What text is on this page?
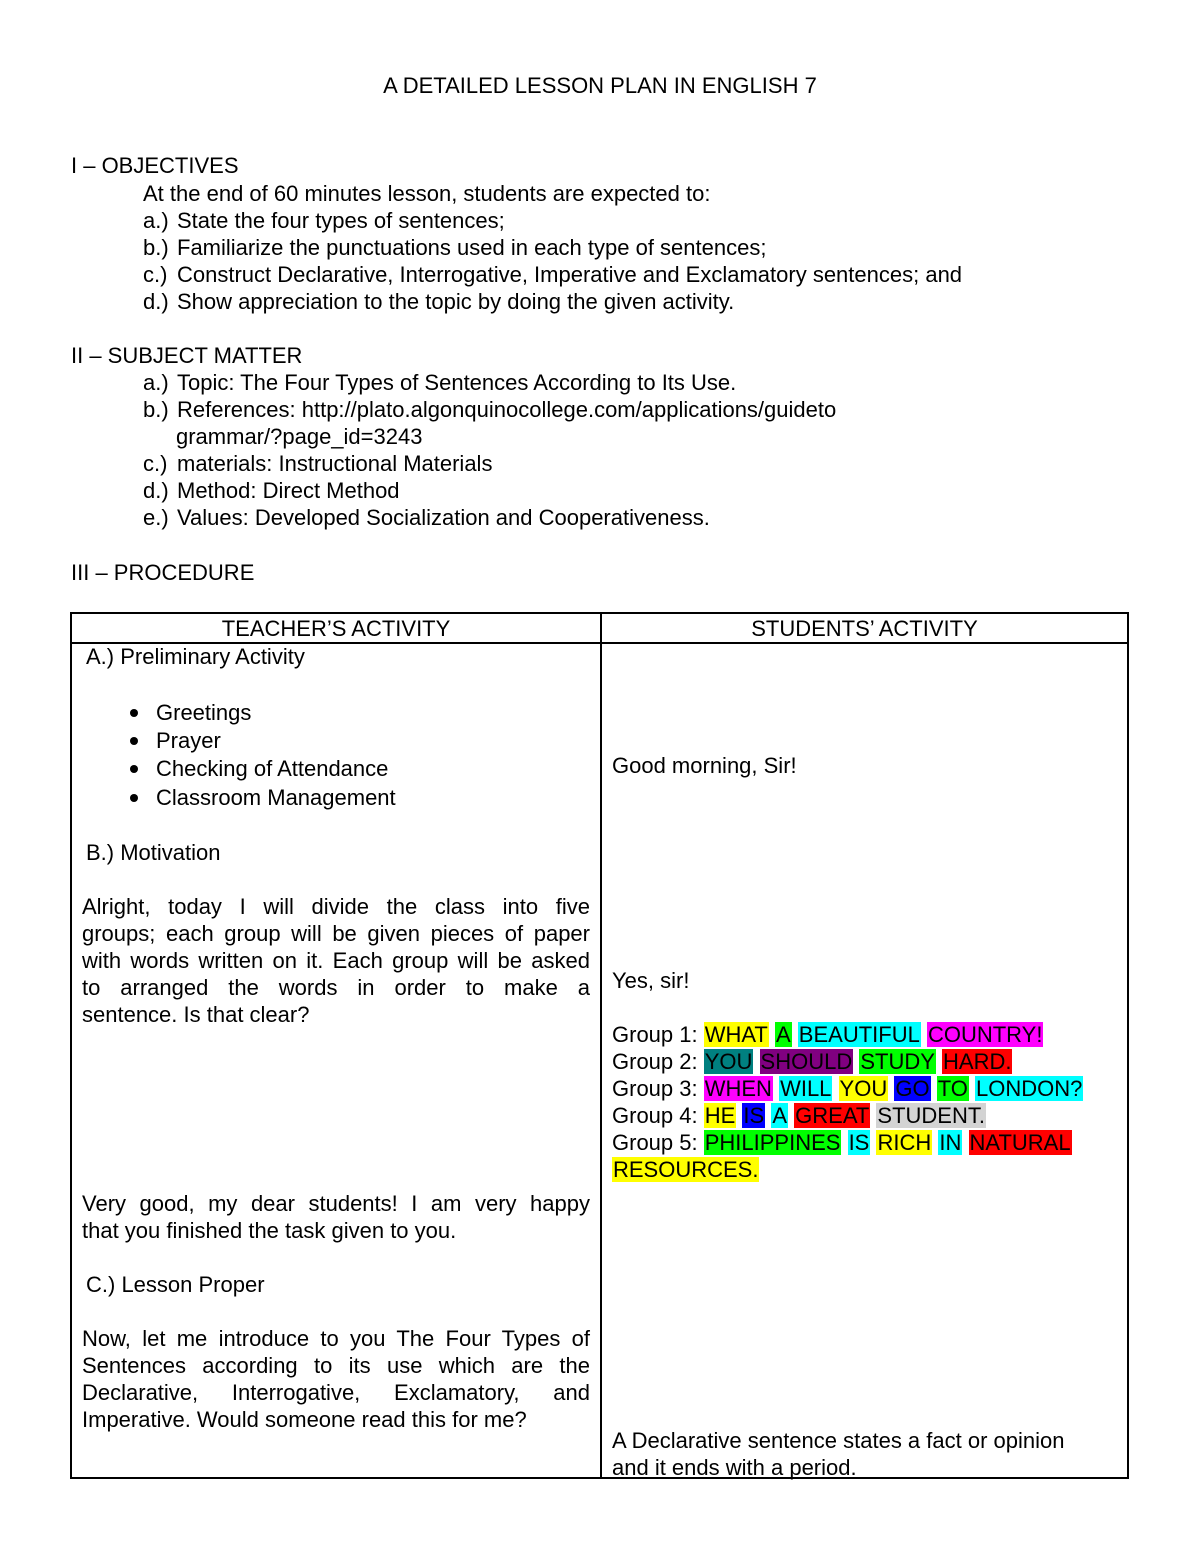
A DETAILED LESSON PLAN IN ENGLISH 7
I – OBJECTIVES
At the end of 60 minutes lesson, students are expected to:
a.) State the four types of sentences;
b.) Familiarize the punctuations used in each type of sentences;
c.) Construct Declarative, Interrogative, Imperative and Exclamatory sentences; and
d.) Show appreciation to the topic by doing the given activity.
II – SUBJECT MATTER
a.) Topic: The Four Types of Sentences According to Its Use.
b.) References: http://plato.algonquinocollege.com/applications/guideto
grammar/?page_id=3243
c.) materials: Instructional Materials
d.) Method: Direct Method
e.) Values: Developed Socialization and Cooperativeness.
III – PROCEDURE
TEACHER’S ACTIVITY	STUDENTS’ ACTIVITY
A.) Preliminary Activity
Greetings
Prayer
Checking of Attendance
Classroom Management
B.) Motivation
Alright, today I will divide the class into five
groups; each group will be given pieces of paper
with words written on it. Each group will be asked
to arranged the words in order to make a
sentence. Is that clear?
Very good, my dear students! I am very happy
that you finished the task given to you.
C.) Lesson Proper
Now, let me introduce to you The Four Types of
Sentences according to its use which are the
Declarative, Interrogative, Exclamatory, and
Imperative. Would someone read this for me?
Good morning, Sir!
Yes, sir!
Group 1: WHAT A BEAUTIFUL COUNTRY!
Group 2: YOU SHOULD STUDY HARD.
Group 3: WHEN WILL YOU GO TO LONDON?
Group 4: HE IS A GREAT STUDENT.
Group 5: PHILIPPINES IS RICH IN NATURAL
RESOURCES.
A Declarative sentence states a fact or opinion
and it ends with a period.
